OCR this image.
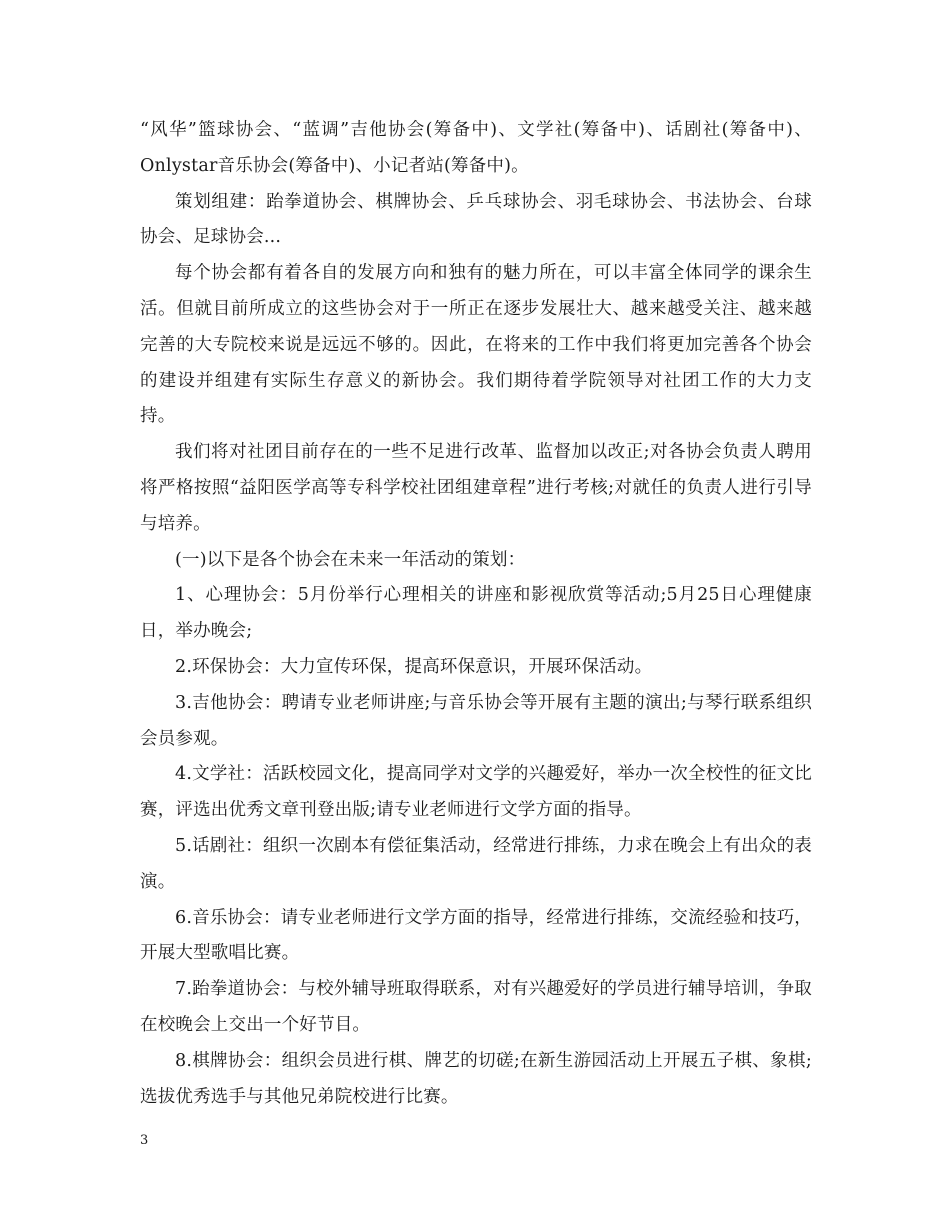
“风华”篮球协会、“蓝调”吉他协会(筹备中)、文学社(筹备中)、话剧社(筹备中)、Onlystar音乐协会(筹备中)、小记者站(筹备中)。

策划组建：跆拳道协会、棋牌协会、乒乓球协会、羽毛球协会、书法协会、台球协会、足球协会...

每个协会都有着各自的发展方向和独有的魅力所在，可以丰富全体同学的课余生活。但就目前所成立的这些协会对于一所正在逐步发展壮大、越来越受关注、越来越完善的大专院校来说是远远不够的。因此，在将来的工作中我们将更加完善各个协会的建设并组建有实际生存意义的新协会。我们期待着学院领导对社团工作的大力支持。

我们将对社团目前存在的一些不足进行改革、监督加以改正;对各协会负责人聘用将严格按照“益阳医学高等专科学校社团组建章程”进行考核;对就任的负责人进行引导与培养。

(一)以下是各个协会在未来一年活动的策划：

1、心理协会：5月份举行心理相关的讲座和影视欣赏等活动;5月25日心理健康日，举办晚会;

2.环保协会：大力宣传环保，提高环保意识，开展环保活动。

3.吉他协会：聘请专业老师讲座;与音乐协会等开展有主题的演出;与琴行联系组织会员参观。

4.文学社：活跃校园文化，提高同学对文学的兴趣爱好，举办一次全校性的征文比赛，评选出优秀文章刊登出版;请专业老师进行文学方面的指导。

5.话剧社：组织一次剧本有偿征集活动，经常进行排练，力求在晚会上有出众的表演。

6.音乐协会：请专业老师进行文学方面的指导，经常进行排练，交流经验和技巧，开展大型歌唱比赛。

7.跆拳道协会：与校外辅导班取得联系，对有兴趣爱好的学员进行辅导培训，争取在校晚会上交出一个好节目。

8.棋牌协会：组织会员进行棋、牌艺的切磋;在新生游园活动上开展五子棋、象棋;选拔优秀选手与其他兄弟院校进行比赛。

3
